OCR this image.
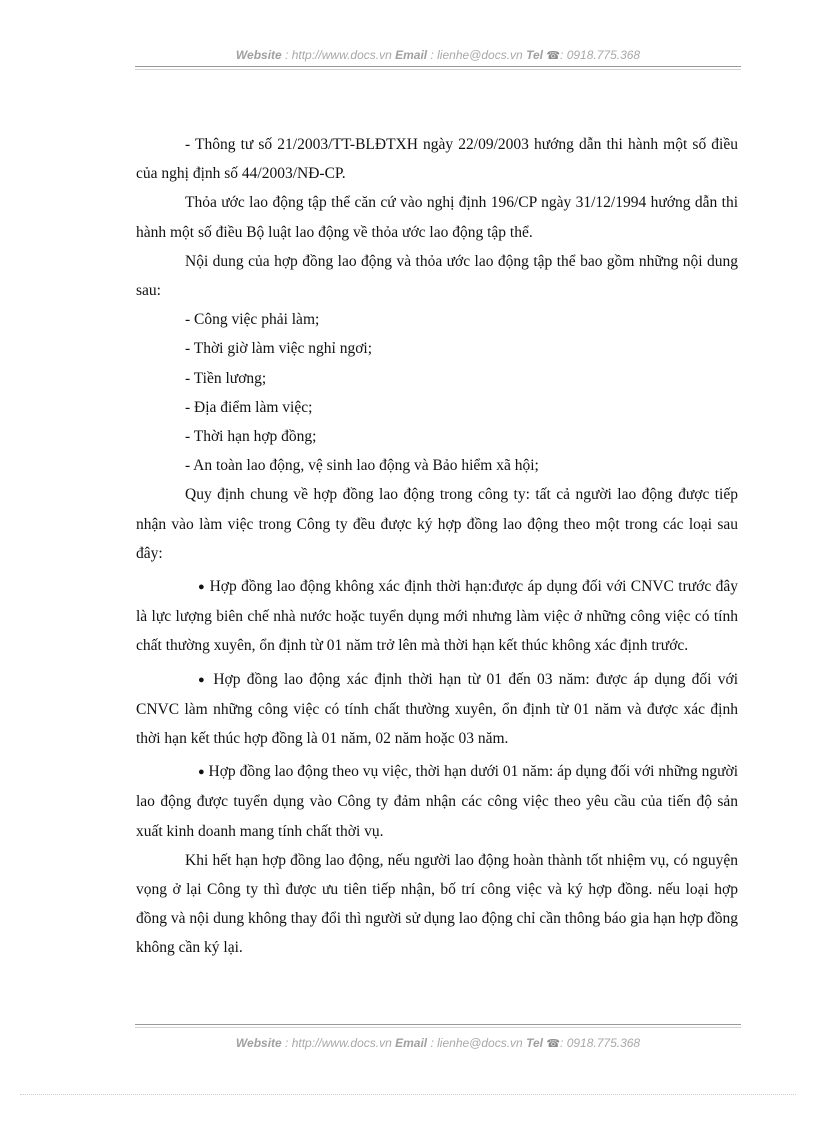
Website : http://www.docs.vn Email : lienhe@docs.vn Tel ☎: 0918.775.368

- Thông tư số 21/2003/TT-BLĐTXH ngày 22/09/2003 hướng dẫn thi hành một số điều của nghị định số 44/2003/NĐ-CP.

Thỏa ước lao động tập thể căn cứ vào nghị định 196/CP ngày 31/12/1994 hướng dẫn thi hành một số điều Bộ luật lao động về thỏa ước lao động tập thể.

Nội dung của hợp đồng lao động và thỏa ước lao động tập thể bao gồm những nội dung sau:

- Công việc phải làm;

- Thời giờ làm việc nghỉ ngơi;

- Tiền lương;

- Địa điểm làm việc;

- Thời hạn hợp đồng;

- An toàn lao động, vệ sinh lao động và Bảo hiểm xã hội;

Quy định chung về hợp đồng lao động trong công ty: tất cả người lao động được tiếp nhận vào làm việc trong Công ty đều được ký hợp đồng lao động theo một trong các loại sau đây:

● Hợp đồng lao động không xác định thời hạn:được áp dụng đối với CNVC trước đây là lực lượng biên chế nhà nước hoặc tuyển dụng mới nhưng làm việc ở những công việc có tính chất thường xuyên, ổn định từ 01 năm trở lên mà thời hạn kết thúc không xác định trước.

● Hợp đồng lao động xác định thời hạn từ 01 đến 03 năm: được áp dụng đối với CNVC làm những công việc có tính chất thường xuyên, ổn định từ 01 năm và được xác định thời hạn kết thúc hợp đồng là 01 năm, 02 năm hoặc 03 năm.

● Hợp đồng lao động theo vụ việc, thời hạn dưới 01 năm: áp dụng đối với những người lao động được tuyển dụng vào Công ty đảm nhận các công việc theo yêu cầu của tiến độ sản xuất kinh doanh mang tính chất thời vụ.

Khi hết hạn hợp đồng lao động, nếu người lao động hoàn thành tốt nhiệm vụ, có nguyện vọng ở lại Công ty thì được ưu tiên tiếp nhận, bố trí công việc và ký hợp đồng. nếu loại hợp đồng và nội dung không thay đổi thì người sử dụng lao động chỉ cần thông báo gia hạn hợp đồng không cần ký lại.

Website : http://www.docs.vn Email : lienhe@docs.vn Tel ☎: 0918.775.368
